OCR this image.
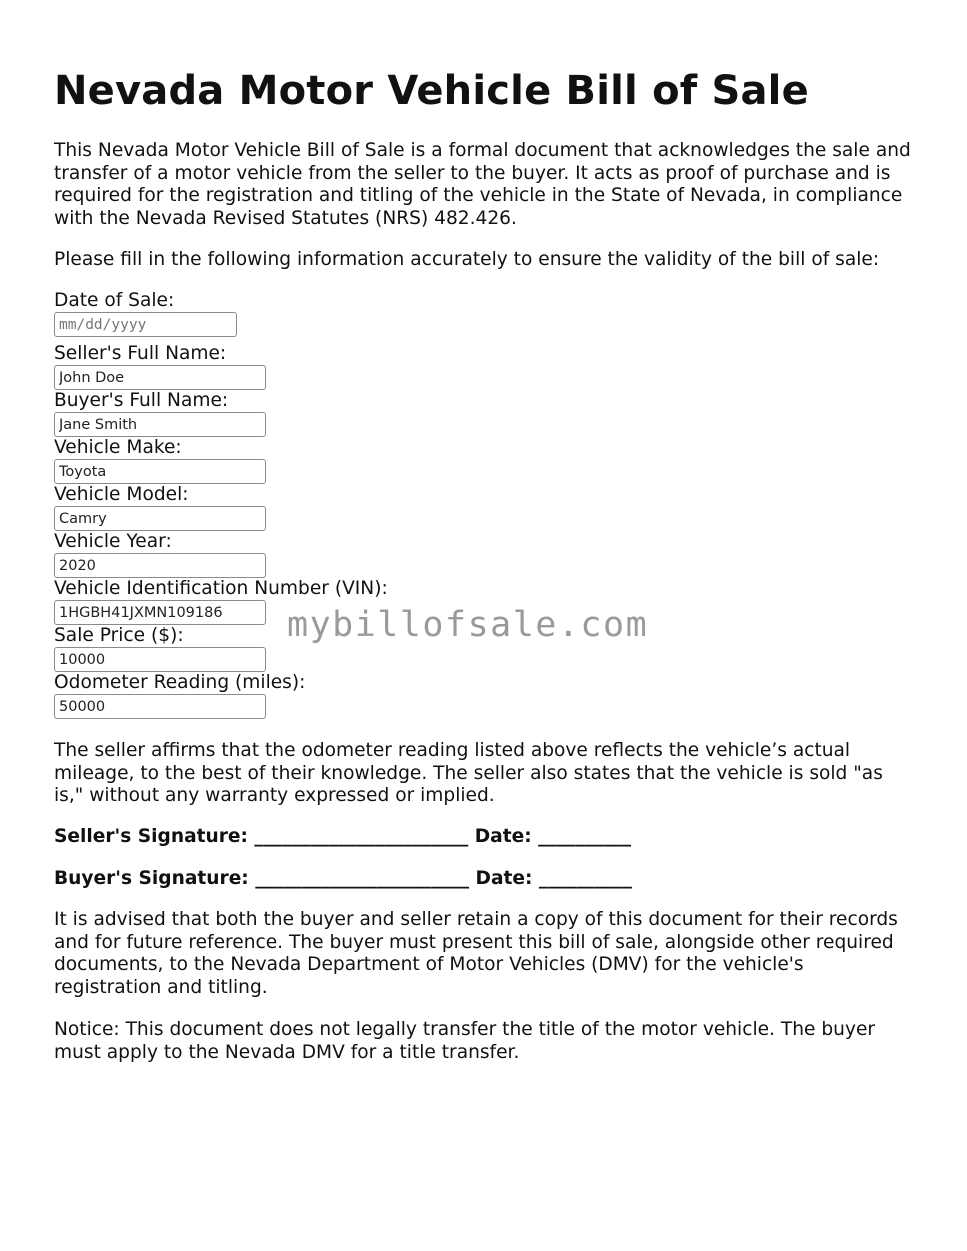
Nevada Motor Vehicle Bill of Sale

This Nevada Motor Vehicle Bill of Sale is a formal document that acknowledges the sale and transfer of a motor vehicle from the seller to the buyer. It acts as proof of purchase and is required for the registration and titling of the vehicle in the State of Nevada, in compliance with the Nevada Revised Statutes (NRS) 482.426.

Please fill in the following information accurately to ensure the validity of the bill of sale:

Date of Sale:
mm/dd/yyyy
Seller's Full Name:
John Doe
Buyer's Full Name:
Jane Smith
Vehicle Make:
Toyota
Vehicle Model:
Camry
Vehicle Year:
2020
Vehicle Identification Number (VIN):
1HGBH41JXMN109186
Sale Price ($):
10000
Odometer Reading (miles):
50000

The seller affirms that the odometer reading listed above reflects the vehicle’s actual mileage, to the best of their knowledge. The seller also states that the vehicle is sold "as is," without any warranty expressed or implied.

Seller's Signature: _______________________ Date: __________
Buyer's Signature: _______________________ Date: __________

It is advised that both the buyer and seller retain a copy of this document for their records and for future reference. The buyer must present this bill of sale, alongside other required documents, to the Nevada Department of Motor Vehicles (DMV) for the vehicle's registration and titling.

Notice: This document does not legally transfer the title of the motor vehicle. The buyer must apply to the Nevada DMV for a title transfer.

mybillofsale.com
